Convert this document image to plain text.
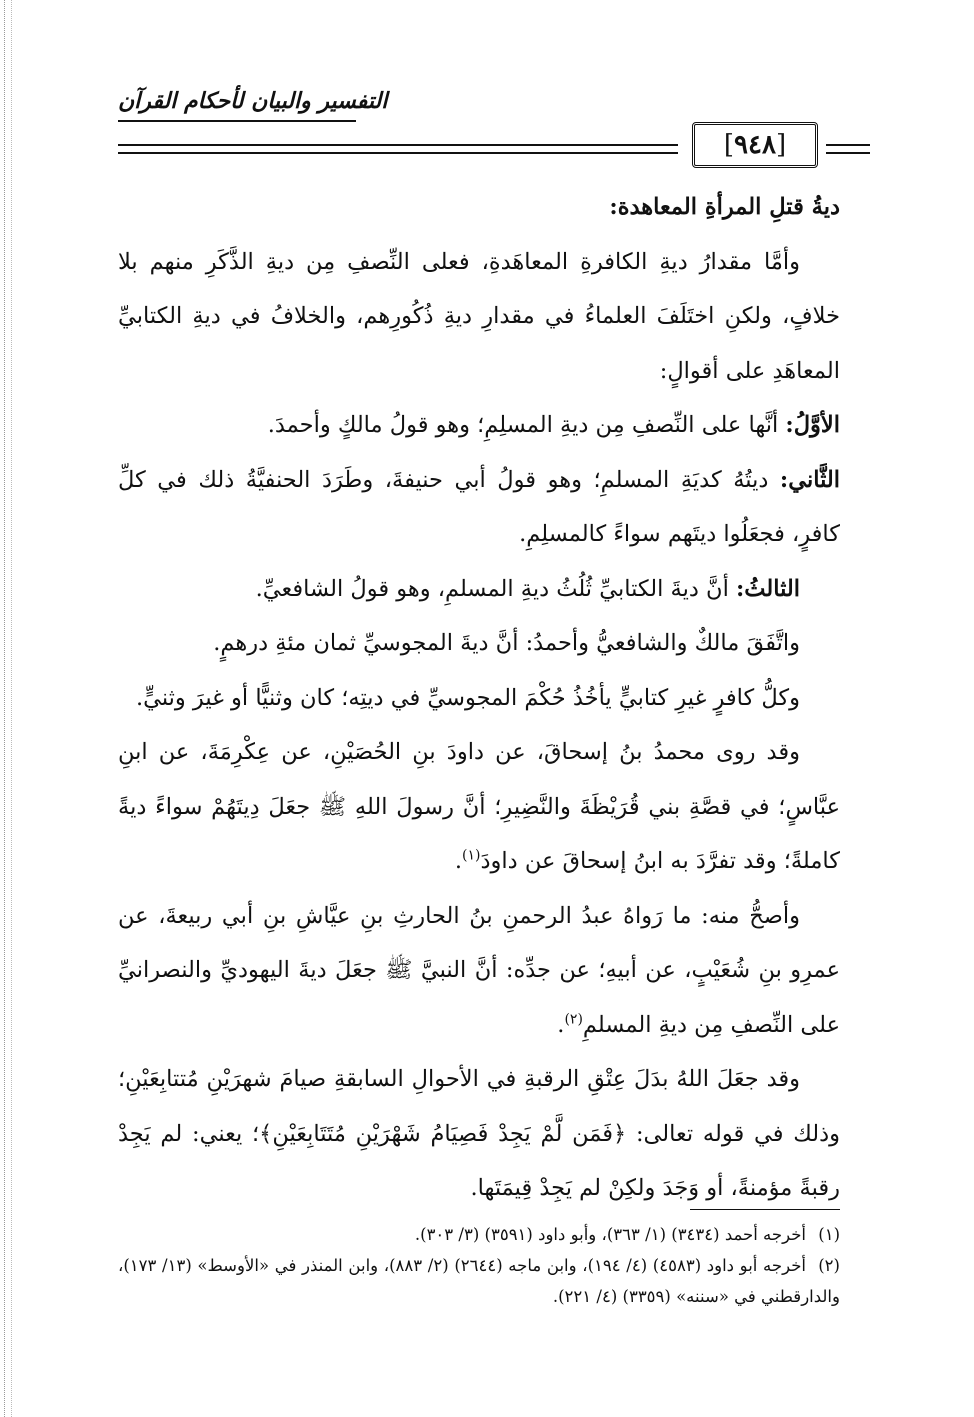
التفسير والبيان لأحكام القرآن
[٩٤٨]

ديةُ قتلِ المرأةِ المعاهدة:

وأمَّا مقدارُ ديةِ الكافرةِ المعاهَدةِ، فعلى النِّصفِ مِن ديةِ الذَّكَرِ منهم بلا خلافٍ، ولكنِ اختَلَفَ العلماءُ في مقدارِ ديةِ ذُكُورِهم، والخلافُ في ديةِ الكتابيِّ المعاهَدِ على أقوالٍ:

الأوَّلُ: أنَّها على النِّصفِ مِن ديةِ المسلِمِ؛ وهو قولُ مالكٍ وأحمدَ.

الثَّاني: ديتُهُ كديَةِ المسلمِ؛ وهو قولُ أبي حنيفةَ، وطَرَدَ الحنفيَّةُ ذلك في كلِّ كافرٍ، فجعَلُوا ديتَهم سواءً كالمسلِمِ.

الثالثُ: أنَّ ديةَ الكتابيِّ ثُلُثُ ديةِ المسلمِ، وهو قولُ الشافعيِّ.

واتَّفَقَ مالكٌ والشافعيُّ وأحمدُ: أنَّ ديةَ المجوسيِّ ثمان مئةِ درهمٍ.

وكلُّ كافرٍ غيرِ كتابيٍّ يأخُذُ حُكْمَ المجوسيِّ في ديتِه؛ كان وثنيًّا أو غيرَ وثنيٍّ.

وقد روى محمدُ بنُ إسحاقَ، عن داودَ بنِ الحُصَيْنِ، عن عِكْرِمَةَ، عن ابنِ عبَّاسٍ؛ في قصَّةِ بني قُرَيْظَةَ والنَّضِيرِ؛ أنَّ رسولَ اللهِ ﷺ جعَلَ دِيتَهُمْ سواءً ديةً كاملةً؛ وقد تفرَّدَ به ابنُ إسحاقَ عن داودَ$^{(١)}$.

وأصحُّ منه: ما رَواهُ عبدُ الرحمنِ بنُ الحارثِ بنِ عيَّاشِ بنِ أبي ربيعةَ، عن عمرِو بنِ شُعَيْبٍ، عن أبيهِ؛ عن جدِّه: أنَّ النبيَّ ﷺ جعَلَ ديةَ اليهوديِّ والنصرانيِّ على النِّصفِ مِن ديةِ المسلمِ$^{(٢)}$.

وقد جعَلَ اللهُ بدَلَ عِتْقِ الرقبةِ في الأحوالِ السابقةِ صيامَ شهرَيْنِ مُتتابِعَيْنِ؛ وذلك في قوله تعالى: ﴿فَمَن لَّمْ يَجِدْ فَصِيَامُ شَهْرَيْنِ مُتَتَابِعَيْنِ﴾؛ يعني: لم يَجِدْ رقبةً مؤمنةً، أو وَجَدَ ولكِنْ لم يَجِدْ قِيمَتَها.

(١)أخرجه أحمد (٣٤٣٤) (١/ ٣٦٣)، وأبو داود (٣٥٩١) (٣/ ٣٠٣).

(٢)أخرجه أبو داود (٤٥٨٣) (٤/ ١٩٤)، وابن ماجه (٢٦٤٤) (٢/ ٨٨٣)، وابن المنذر في «الأوسط» (١٣/ ١٧٣)، والدارقطني في «سننه» (٣٣٥٩) (٤/ ٢٢١).
